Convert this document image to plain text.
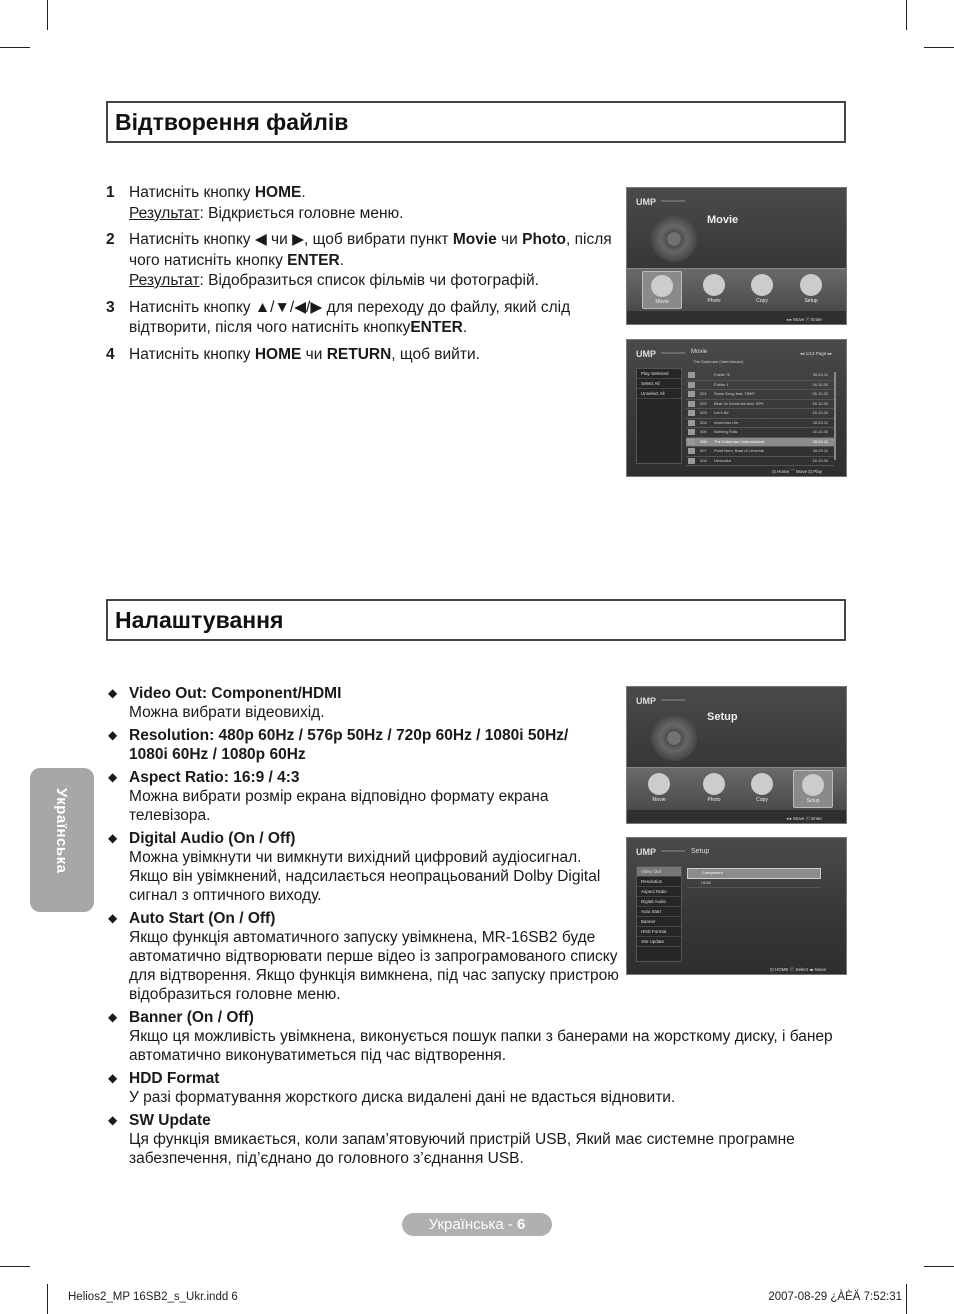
Відтворення файлів
1 Натисніть кнопку HOME.
Результат: Відкриється головне меню.
2 Натисніть кнопку ◀ чи ▶, щоб вибрати пункт Movie чи Photo, після чого натисніть кнопку ENTER.
Результат: Відобразиться список фільмів чи фотографій.
3 Натисніть кнопку ▲/▼/◀/▶ для переходу до файлу, який слід відтворити, після чого натисніть кнопкуENTER.
4 Натисніть кнопку HOME чи RETURN, щоб вийти.
UMP
Movie
Movie	Photo	Copy	Setup
◂ ▸ Move ⓔ Enter
UMP	Movie	◂◂ 1/13 Page ▸▸
The Dukeman (Intermission)
Play Selected
Select All
Unselect All
Folder ①	06.03.11
Folder 1	16.10.30
001 Swan Song feat. TBHF	06.10.30
002 Beat Ja Dementia feat. SPK	16.10.30
003 Let it Be	16.10.30
004 American Life	26.03.11
005 Nothing Fails	16.10.30
006 The Dukeman (Intermission)	26.03.11
007 Point Nem, Baat of Leveride	26.03.11
008 Hedonika	16.10.30
⊡ Home ⌒ Move ⊡ Play
Налаштування
◆ Video Out: Component/HDMI
Можна вибрати відеовихід.
◆ Resolution: 480p 60Hz / 576p 50Hz / 720p 60Hz / 1080i 50Hz/ 1080i 60Hz / 1080p 60Hz
◆ Aspect Ratio: 16:9 / 4:3
Можна вибрати розмір екрана відповідно формату екрана телевізора.
◆ Digital Audio (On / Off)
Можна увімкнути чи вимкнути вихідний цифровий аудіосигнал. Якщо він увімкнений, надсилається неопрацьований Dolby Digital сигнал з оптичного виходу.
◆ Auto Start (On / Off)
Якщо функція автоматичного запуску увімкнена, MR-16SB2 буде автоматично відтворювати перше відео із запрограмованого списку для відтворення. Якщо функція вимкнена, під час запуску пристрою відобразиться головне меню.
◆ Banner (On / Off)
Якщо ця можливість увімкнена, виконується пошук папки з банерами на жорсткому диску, і банер автоматично виконуватиметься під час відтворення.
◆ HDD Format
У разі форматування жорсткого диска видалені дані не вдасться відновити.
◆ SW Update
Ця функція вмикається, коли запам’ятовуючий пристрій USB, Який має системне програмне забезпечення, під’єднано до головного з’єднання USB.
UMP
Setup
Movie	Photo	Copy	Setup
◂ ▸ Move ⓔ Enter
UMP	Setup
Video Out
Resolution
Aspect Ratio
Digital Audio
Auto Start
Banner
HDD Format
SW Update
Component
HDMI
⊡ HOME ⓔ Select ◂▸ Move
Українська
Українська - 6
Helios2_MP 16SB2_s_Ukr.indd 6	2007-08-29 ¿ÀÈÄ 7:52:31
